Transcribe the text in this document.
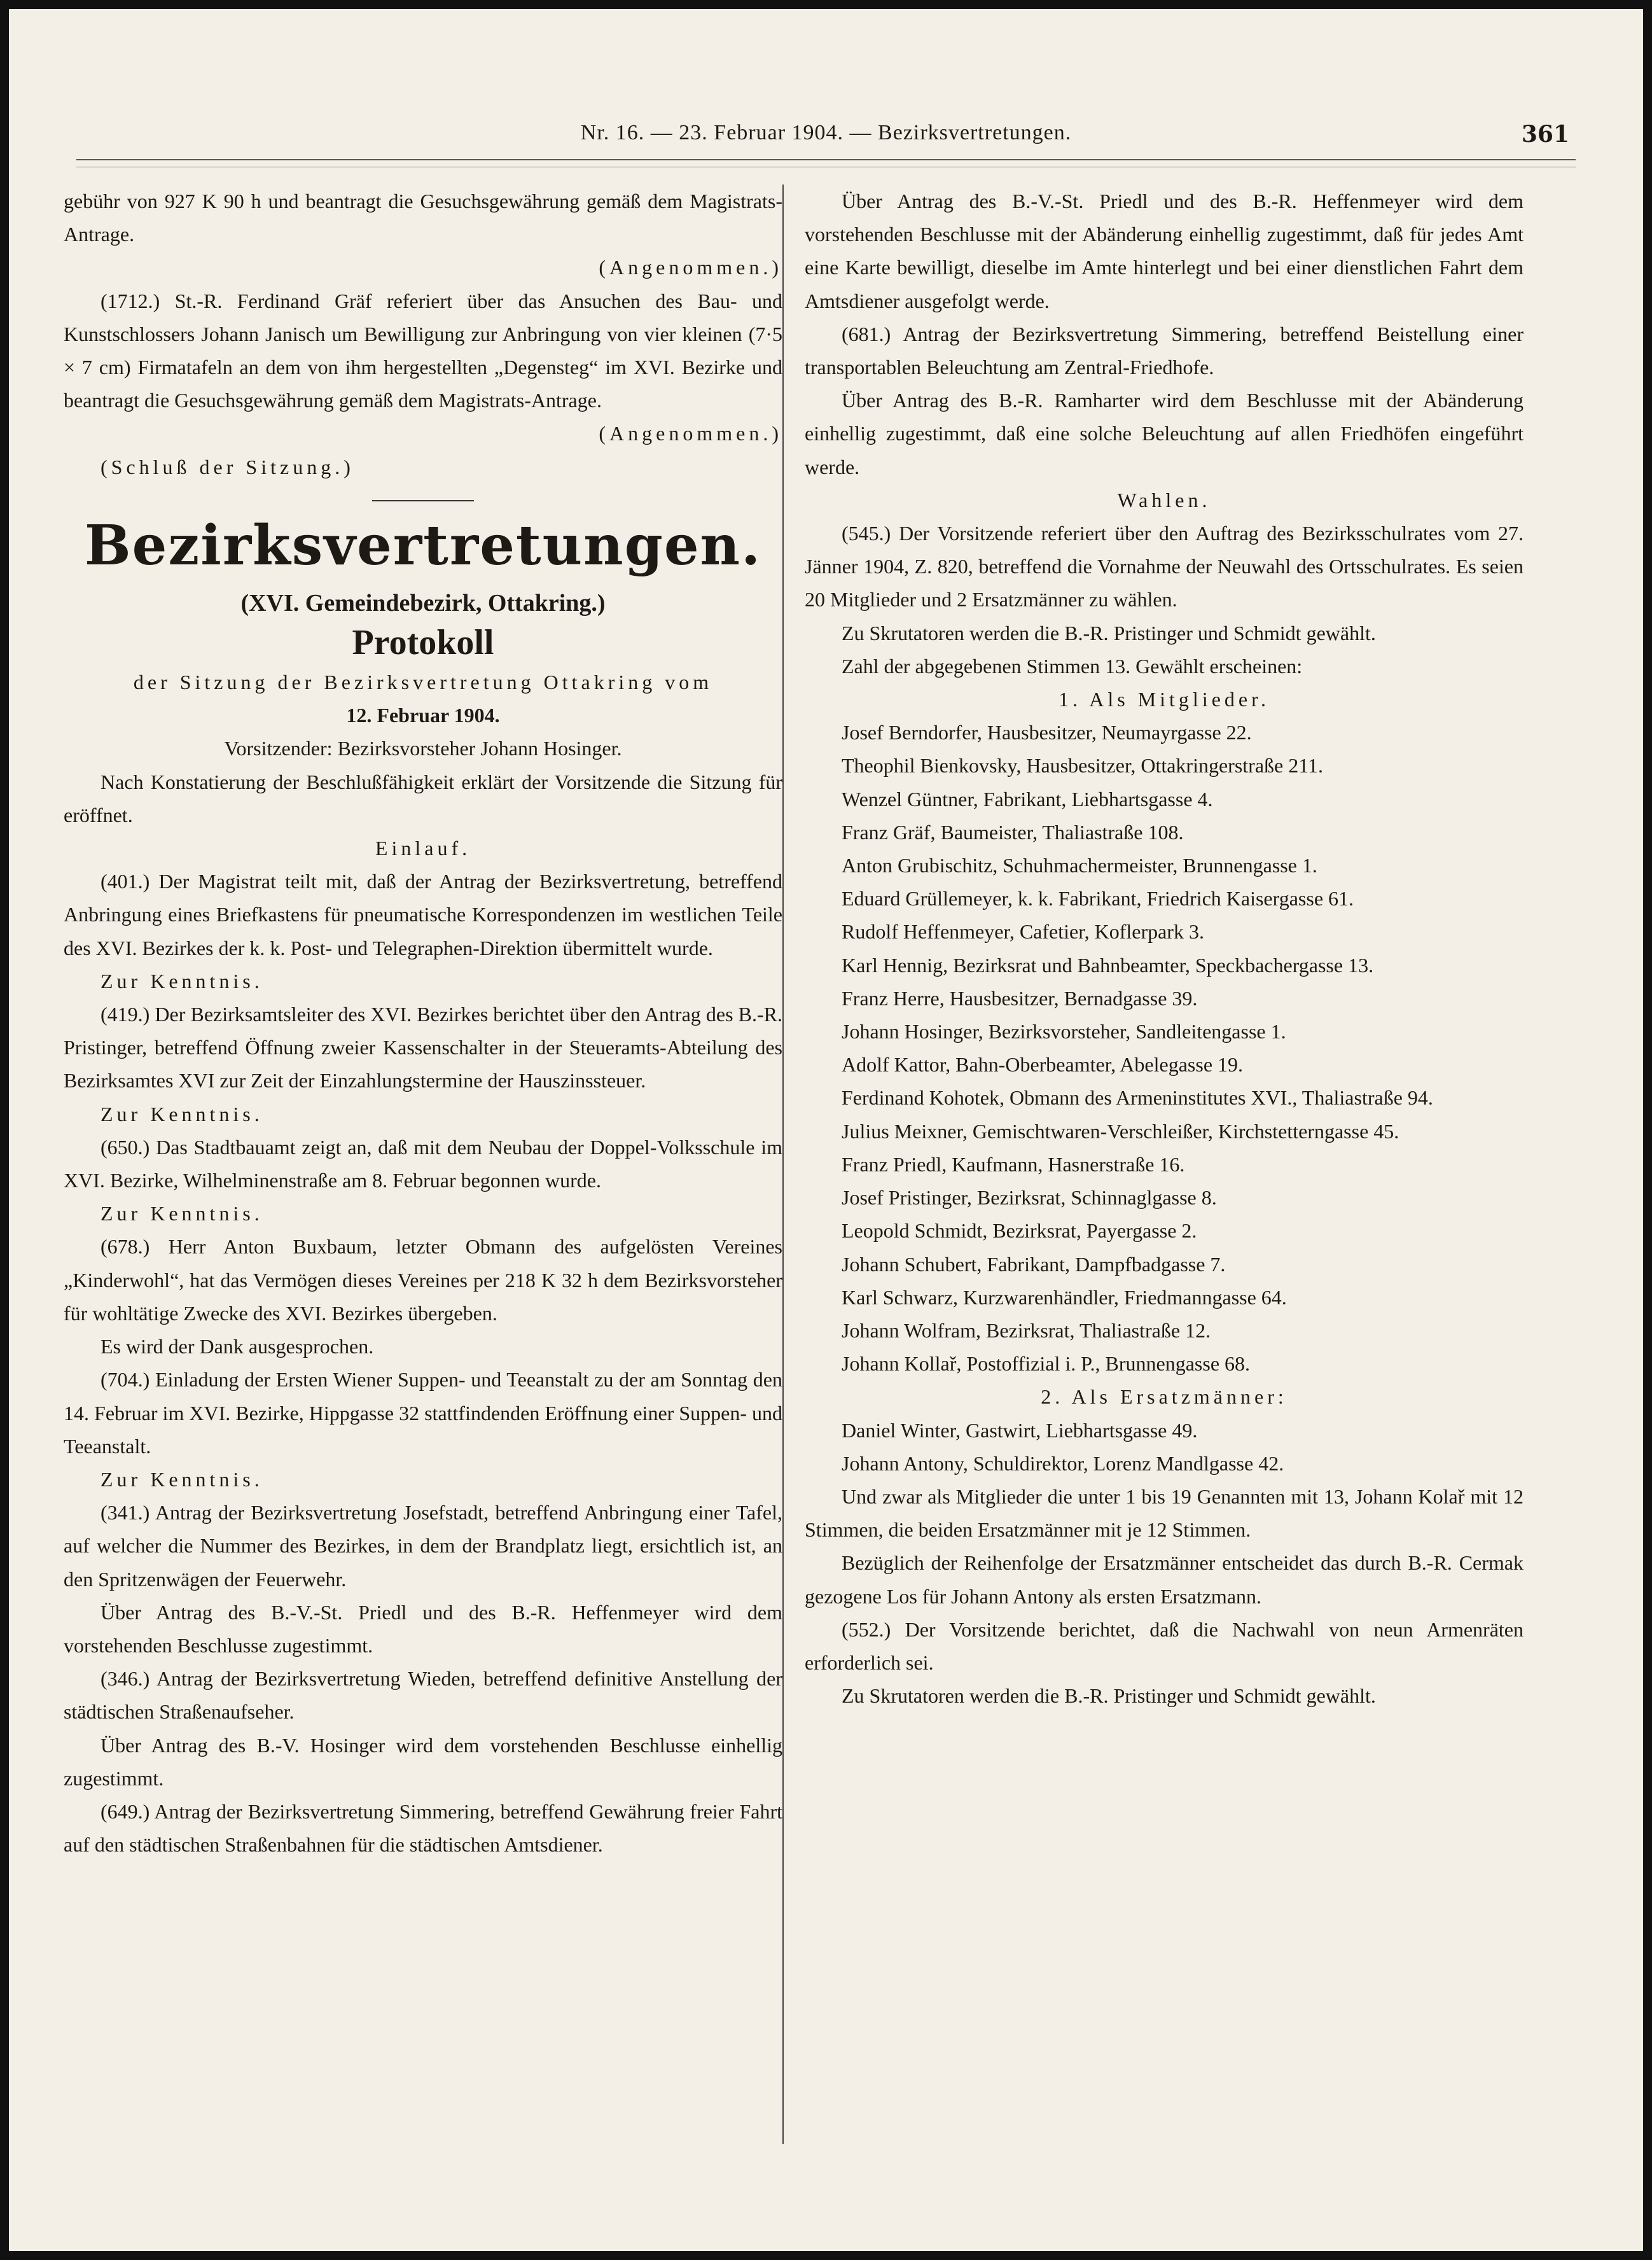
Nr. 16. — 23. Februar 1904. — Bezirksvertretungen.	361

gebühr von 927 K 90 h und beantragt die Gesuchsgewährung gemäß dem Magistrats-Antrage.

(Angenommen.)

(1712.) St.-R. Ferdinand Gräf referiert über das Ansuchen des Bau- und Kunstschlossers Johann Janisch um Bewilligung zur Anbringung von vier kleinen (7·5 × 7 cm) Firmatafeln an dem von ihm hergestellten „Degensteg“ im XVI. Bezirke und beantragt die Gesuchsgewährung gemäß dem Magistrats-Antrage.

(Angenommen.)

(Schluß der Sitzung.)

Bezirksvertretungen.

(XVI. Gemeindebezirk, Ottakring.)

Protokoll

der Sitzung der Bezirksvertretung Ottakring vom

12. Februar 1904.

Vorsitzender: Bezirksvorsteher Johann Hosinger.

Nach Konstatierung der Beschlußfähigkeit erklärt der Vorsitzende die Sitzung für eröffnet.

Einlauf.

(401.) Der Magistrat teilt mit, daß der Antrag der Bezirksvertretung, betreffend Anbringung eines Briefkastens für pneumatische Korrespondenzen im westlichen Teile des XVI. Bezirkes der k. k. Post- und Telegraphen-Direktion übermittelt wurde.

Zur Kenntnis.

(419.) Der Bezirksamtsleiter des XVI. Bezirkes berichtet über den Antrag des B.-R. Pristinger, betreffend Öffnung zweier Kassenschalter in der Steueramts-Abteilung des Bezirksamtes XVI zur Zeit der Einzahlungstermine der Hauszinssteuer.

Zur Kenntnis.

(650.) Das Stadtbauamt zeigt an, daß mit dem Neubau der Doppel-Volksschule im XVI. Bezirke, Wilhelminenstraße am 8. Februar begonnen wurde.

Zur Kenntnis.

(678.) Herr Anton Buxbaum, letzter Obmann des aufgelösten Vereines „Kinderwohl“, hat das Vermögen dieses Vereines per 218 K 32 h dem Bezirksvorsteher für wohltätige Zwecke des XVI. Bezirkes übergeben.

Es wird der Dank ausgesprochen.

(704.) Einladung der Ersten Wiener Suppen- und Teeanstalt zu der am Sonntag den 14. Februar im XVI. Bezirke, Hippgasse 32 stattfindenden Eröffnung einer Suppen- und Teeanstalt.

Zur Kenntnis.

(341.) Antrag der Bezirksvertretung Josefstadt, betreffend Anbringung einer Tafel, auf welcher die Nummer des Bezirkes, in dem der Brandplatz liegt, ersichtlich ist, an den Spritzenwägen der Feuerwehr.

Über Antrag des B.-V.-St. Priedl und des B.-R. Heffenmeyer wird dem vorstehenden Beschlusse zugestimmt.

(346.) Antrag der Bezirksvertretung Wieden, betreffend definitive Anstellung der städtischen Straßenaufseher.

Über Antrag des B.-V. Hosinger wird dem vorstehenden Beschlusse einhellig zugestimmt.

(649.) Antrag der Bezirksvertretung Simmering, betreffend Gewährung freier Fahrt auf den städtischen Straßenbahnen für die städtischen Amtsdiener.

Über Antrag des B.-V.-St. Priedl und des B.-R. Heffenmeyer wird dem vorstehenden Beschlusse mit der Abänderung einhellig zugestimmt, daß für jedes Amt eine Karte bewilligt, dieselbe im Amte hinterlegt und bei einer dienstlichen Fahrt dem Amtsdiener ausgefolgt werde.

(681.) Antrag der Bezirksvertretung Simmering, betreffend Beistellung einer transportablen Beleuchtung am Zentral-Friedhofe.

Über Antrag des B.-R. Ramharter wird dem Beschlusse mit der Abänderung einhellig zugestimmt, daß eine solche Beleuchtung auf allen Friedhöfen eingeführt werde.

Wahlen.

(545.) Der Vorsitzende referiert über den Auftrag des Bezirksschulrates vom 27. Jänner 1904, Z. 820, betreffend die Vornahme der Neuwahl des Ortsschulrates. Es seien 20 Mitglieder und 2 Ersatzmänner zu wählen.

Zu Skrutatoren werden die B.-R. Pristinger und Schmidt gewählt.

Zahl der abgegebenen Stimmen 13. Gewählt erscheinen:

1. Als Mitglieder.

Josef Berndorfer, Hausbesitzer, Neumayrgasse 22.

Theophil Bienkovsky, Hausbesitzer, Ottakringerstraße 211.

Wenzel Güntner, Fabrikant, Liebhartsgasse 4.

Franz Gräf, Baumeister, Thaliastraße 108.

Anton Grubischitz, Schuhmachermeister, Brunnengasse 1.

Eduard Grüllemeyer, k. k. Fabrikant, Friedrich Kaisergasse 61.

Rudolf Heffenmeyer, Cafetier, Koflerpark 3.

Karl Hennig, Bezirksrat und Bahnbeamter, Speckbachergasse 13.

Franz Herre, Hausbesitzer, Bernadgasse 39.

Johann Hosinger, Bezirksvorsteher, Sandleitengasse 1.

Adolf Kattor, Bahn-Oberbeamter, Abelegasse 19.

Ferdinand Kohotek, Obmann des Armeninstitutes XVI., Thaliastraße 94.

Julius Meixner, Gemischtwaren-Verschleißer, Kirchstetterngasse 45.

Franz Priedl, Kaufmann, Hasnerstraße 16.

Josef Pristinger, Bezirksrat, Schinnaglgasse 8.

Leopold Schmidt, Bezirksrat, Payergasse 2.

Johann Schubert, Fabrikant, Dampfbadgasse 7.

Karl Schwarz, Kurzwarenhändler, Friedmanngasse 64.

Johann Wolfram, Bezirksrat, Thaliastraße 12.

Johann Kollař, Postoffizial i. P., Brunnengasse 68.

2. Als Ersatzmänner:

Daniel Winter, Gastwirt, Liebhartsgasse 49.

Johann Antony, Schuldirektor, Lorenz Mandlgasse 42.

Und zwar als Mitglieder die unter 1 bis 19 Genannten mit 13, Johann Kolař mit 12 Stimmen, die beiden Ersatzmänner mit je 12 Stimmen.

Bezüglich der Reihenfolge der Ersatzmänner entscheidet das durch B.-R. Cermak gezogene Los für Johann Antony als ersten Ersatzmann.

(552.) Der Vorsitzende berichtet, daß die Nachwahl von neun Armenräten erforderlich sei.

Zu Skrutatoren werden die B.-R. Pristinger und Schmidt gewählt.
